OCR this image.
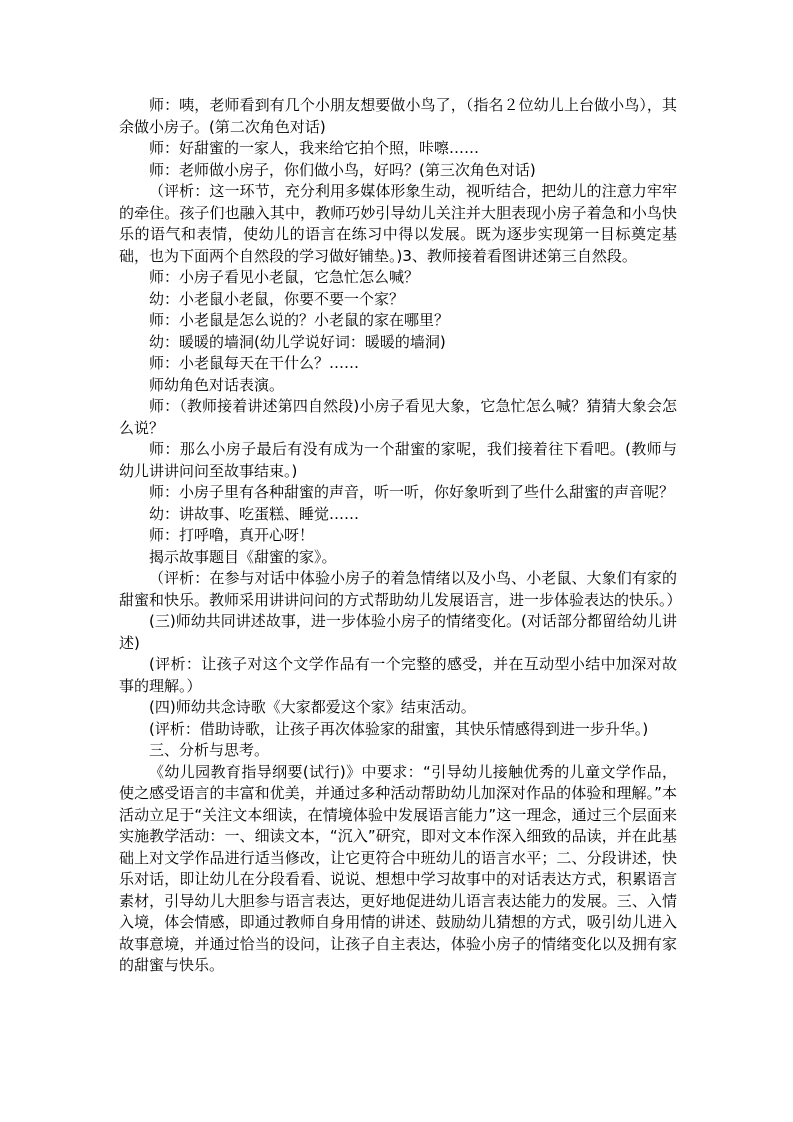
师：咦，老师看到有几个小朋友想要做小鸟了，（指名２位幼儿上台做小鸟），其余做小房子。(第二次角色对话)

师：好甜蜜的一家人，我来给它拍个照，咔嚓……

师：老师做小房子，你们做小鸟，好吗？(第三次角色对话)

（评析：这一环节，充分利用多媒体形象生动，视听结合，把幼儿的注意力牢牢的牵住。孩子们也融入其中，教师巧妙引导幼儿关注并大胆表现小房子着急和小鸟快乐的语气和表情，使幼儿的语言在练习中得以发展。既为逐步实现第一目标奠定基础，也为下面两个自然段的学习做好铺垫。)3、教师接着看图讲述第三自然段。

师：小房子看见小老鼠，它急忙怎么喊？

幼：小老鼠小老鼠，你要不要一个家？

师：小老鼠是怎么说的？小老鼠的家在哪里？

幼：暖暖的墙洞(幼儿学说好词：暖暖的墙洞)

师：小老鼠每天在干什么？……

师幼角色对话表演。

师：（教师接着讲述第四自然段)小房子看见大象，它急忙怎么喊？猜猜大象会怎么说？

师：那么小房子最后有没有成为一个甜蜜的家呢，我们接着往下看吧。(教师与幼儿讲讲问问至故事结束。)

师：小房子里有各种甜蜜的声音，听一听，你好象听到了些什么甜蜜的声音呢？

幼：讲故事、吃蛋糕、睡觉……

师：打呼噜，真开心呀！

揭示故事题目《甜蜜的家》。

（评析：在参与对话中体验小房子的着急情绪以及小鸟、小老鼠、大象们有家的甜蜜和快乐。教师采用讲讲问问的方式帮助幼儿发展语言，进一步体验表达的快乐。）

(三)师幼共同讲述故事，进一步体验小房子的情绪变化。(对话部分都留给幼儿讲述)

(评析：让孩子对这个文学作品有一个完整的感受，并在互动型小结中加深对故事的理解。）

(四)师幼共念诗歌《大家都爱这个家》结束活动。

(评析：借助诗歌，让孩子再次体验家的甜蜜，其快乐情感得到进一步升华。)

三、分析与思考。

《幼儿园教育指导纲要(试行)》中要求：“引导幼儿接触优秀的儿童文学作品，使之感受语言的丰富和优美，并通过多种活动帮助幼儿加深对作品的体验和理解。”本活动立足于“关注文本细读，在情境体验中发展语言能力”这一理念，通过三个层面来实施教学活动：一、细读文本，“沉入”研究，即对文本作深入细致的品读，并在此基础上对文学作品进行适当修改，让它更符合中班幼儿的语言水平；二、分段讲述，快乐对话，即让幼儿在分段看看、说说、想想中学习故事中的对话表达方式，积累语言素材，引导幼儿大胆参与语言表达，更好地促进幼儿语言表达能力的发展。三、入情入境，体会情感，即通过教师自身用情的讲述、鼓励幼儿猜想的方式，吸引幼儿进入故事意境，并通过恰当的设问，让孩子自主表达，体验小房子的情绪变化以及拥有家的甜蜜与快乐。
